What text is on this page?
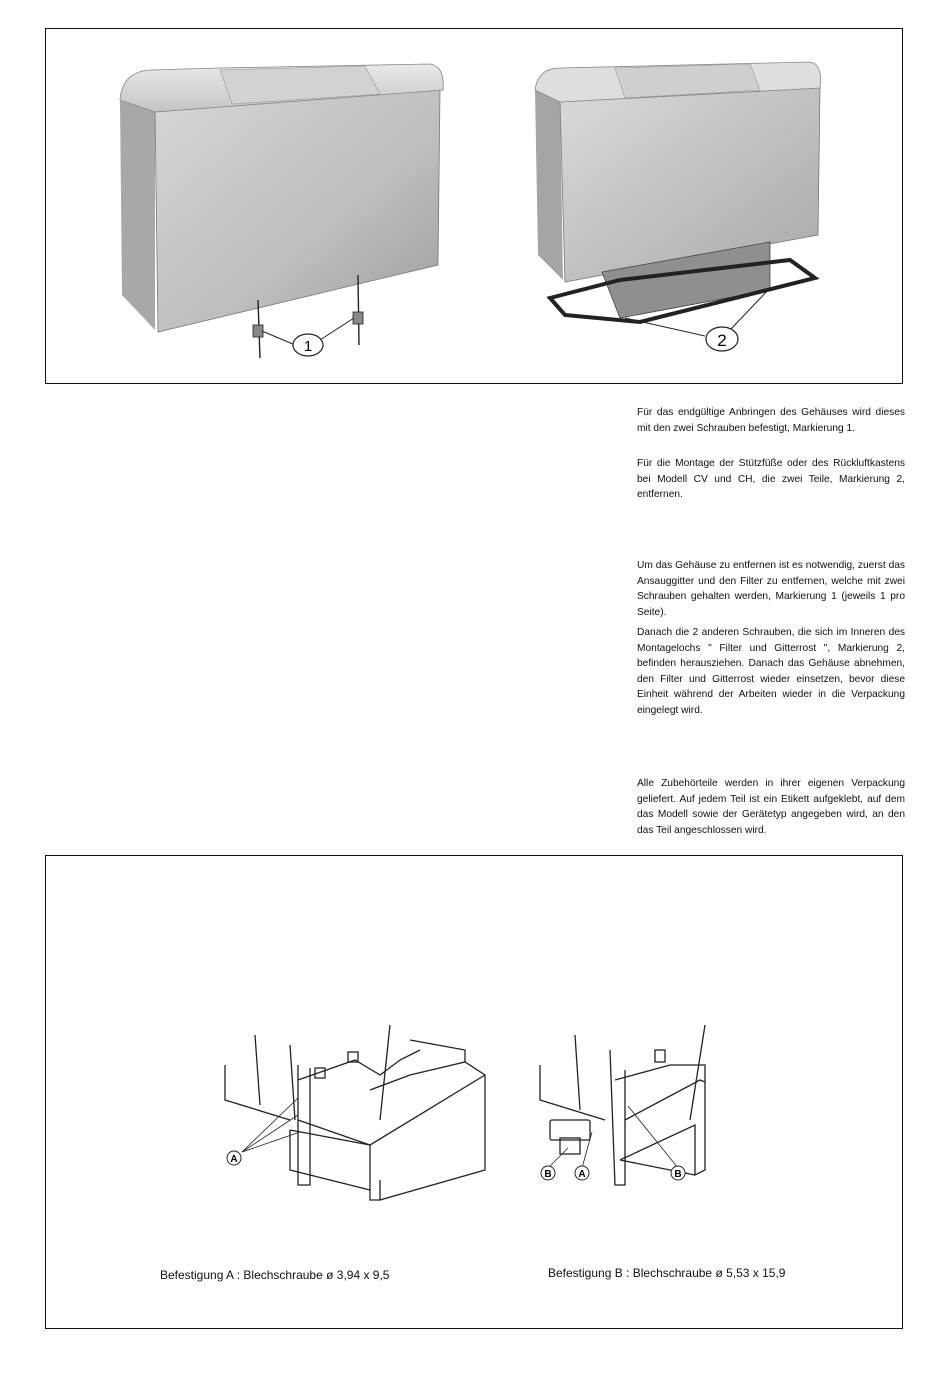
1	2

Für das endgültige Anbringen des Gehäuses wird dieses mit den zwei Schrauben befestigt, Markierung 1.

Für die Montage der Stützfüße oder des Rückluftkastens bei Modell CV und CH, die zwei Teile, Markierung 2, entfernen.

Um das Gehäuse zu entfernen ist es notwendig, zuerst das Ansauggitter und den Filter zu entfernen, welche mit zwei Schrauben gehalten werden, Markierung 1 (jeweils 1 pro Seite).

Danach die 2 anderen Schrauben, die sich im Inneren des Montagelochs " Filter und Gitterrost ", Markierung 2, befinden herausziehen. Danach das Gehäuse abnehmen, den Filter und Gitterrost wieder einsetzen, bevor diese Einheit während der Arbeiten wieder in die Verpackung eingelegt wird.

Alle Zubehörteile werden in ihrer eigenen Verpackung geliefert. Auf jedem Teil ist ein Etikett aufgeklebt, auf dem das Modell sowie der Gerätetyp angegeben wird, an den das Teil angeschlossen wird.

A
B	A	B
Befestigung A : Blechschraube ø 3,94 x 9,5	Befestigung B : Blechschraube ø 5,53 x 15,9
